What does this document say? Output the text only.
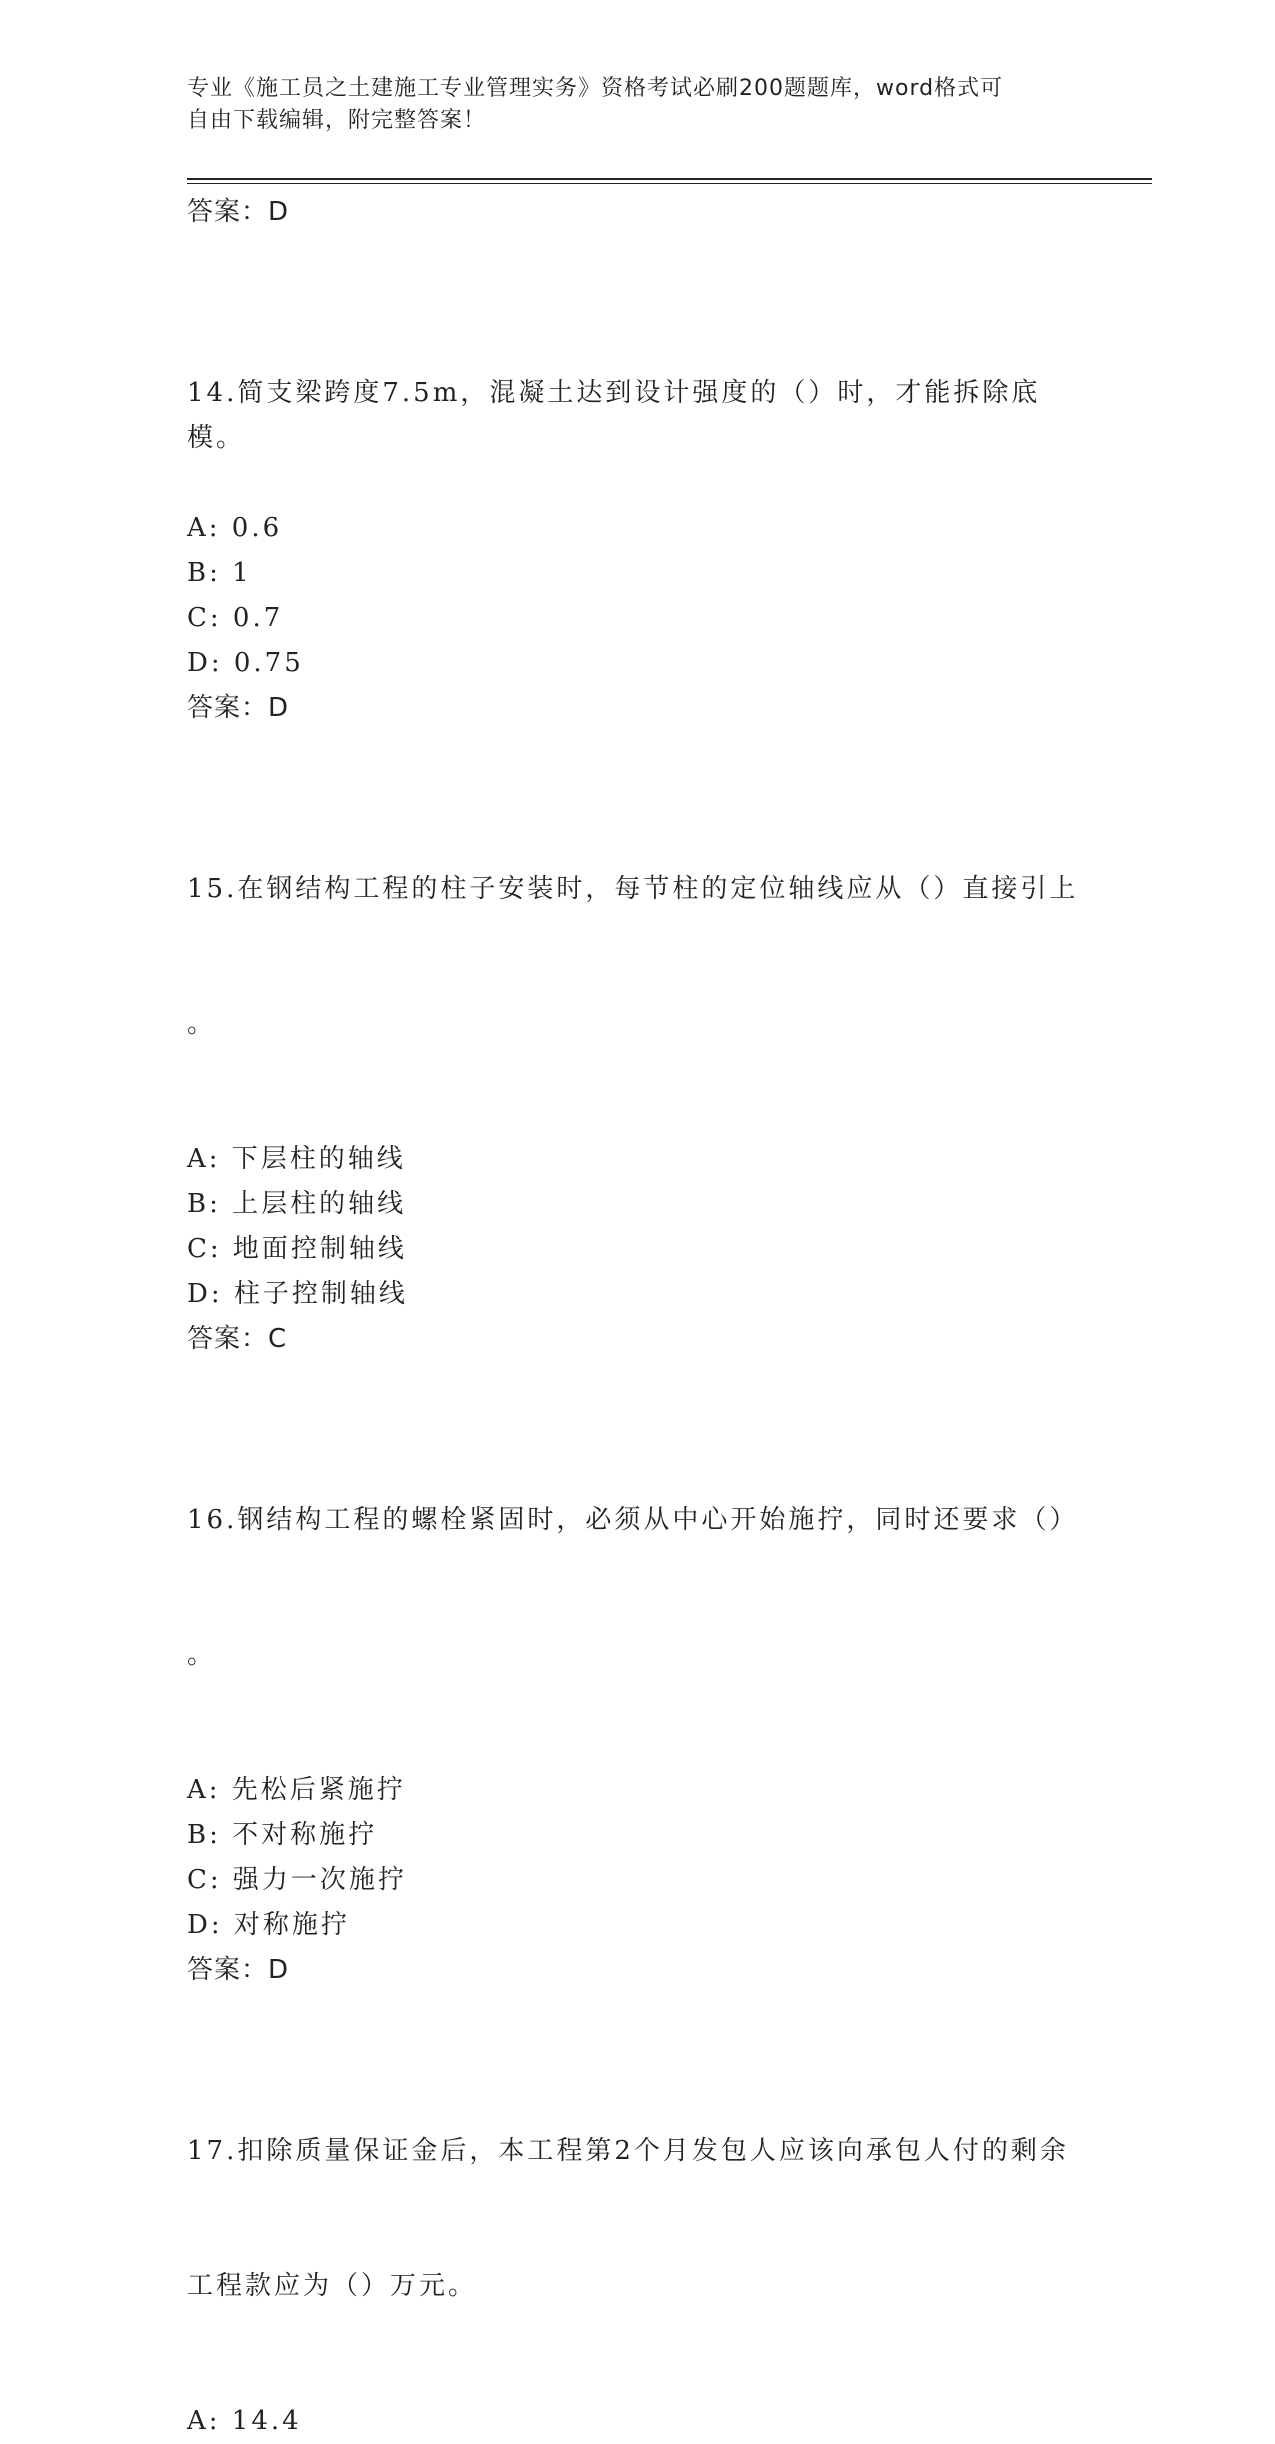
专业《施工员之土建施工专业管理实务》资格考试必刷200题题库，word格式可

自由下载编辑，附完整答案！

答案：D

14.简支梁跨度7.5m，混凝土达到设计强度的（）时，才能拆除底模。

A: 0.6
B: 1
C: 0.7
D: 0.75
答案：D

15.在钢结构工程的柱子安装时，每节柱的定位轴线应从（）直接引上

。

A: 下层柱的轴线
B: 上层柱的轴线
C: 地面控制轴线
D: 柱子控制轴线
答案：C

16.钢结构工程的螺栓紧固时，必须从中心开始施拧，同时还要求（）

。

A: 先松后紧施拧
B: 不对称施拧
C: 强力一次施拧
D: 对称施拧
答案：D

17.扣除质量保证金后，本工程第2个月发包人应该向承包人付的剩余

工程款应为（）万元。

A: 14.4
